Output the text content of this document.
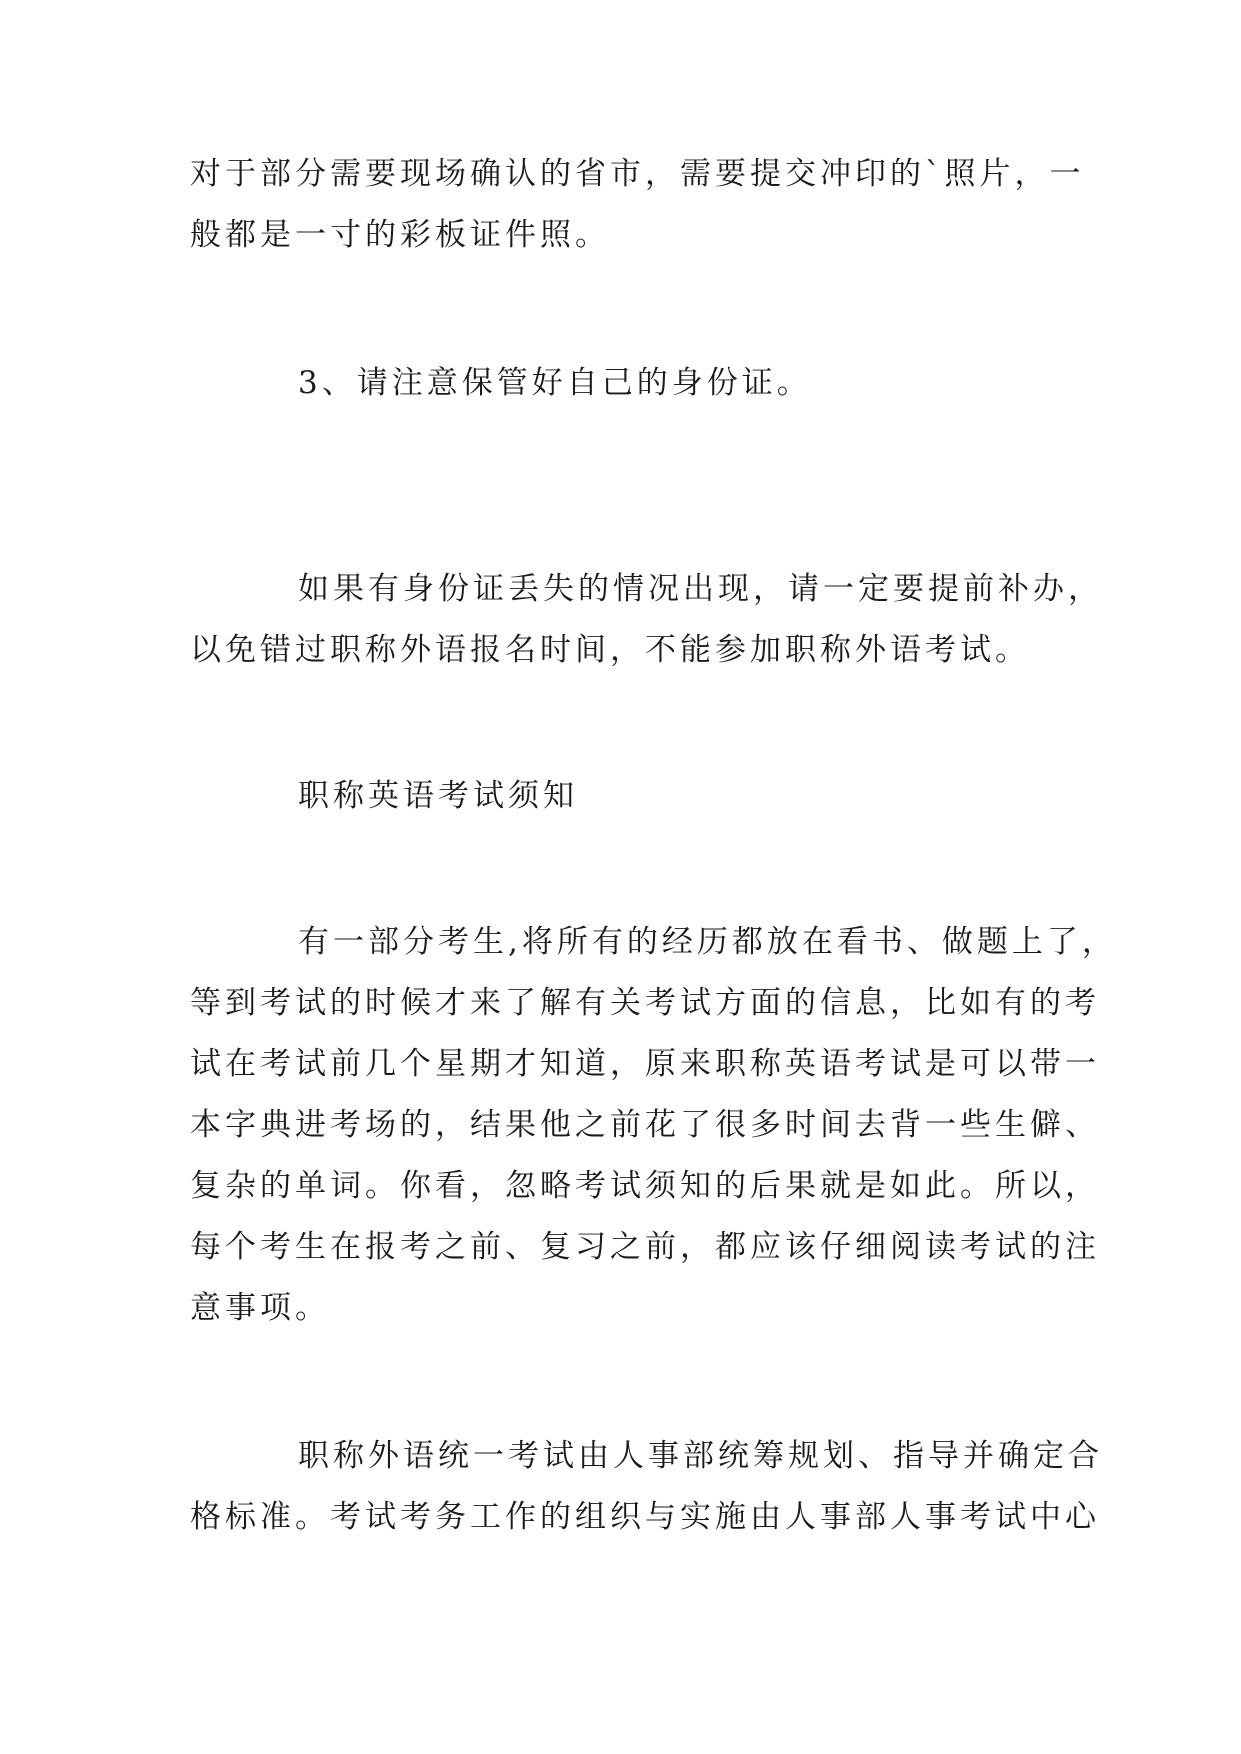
对于部分需要现场确认的省市，需要提交冲印的`照片，一
般都是一寸的彩板证件照。

3、请注意保管好自己的身份证。

如果有身份证丢失的情况出现，请一定要提前补办，
以免错过职称外语报名时间，不能参加职称外语考试。

职称英语考试须知

有一部分考生,将所有的经历都放在看书、做题上了，
等到考试的时候才来了解有关考试方面的信息，比如有的考
试在考试前几个星期才知道，原来职称英语考试是可以带一
本字典进考场的，结果他之前花了很多时间去背一些生僻、
复杂的单词。你看，忽略考试须知的后果就是如此。所以，
每个考生在报考之前、复习之前，都应该仔细阅读考试的注
意事项。

职称外语统一考试由人事部统筹规划、指导并确定合
格标准。考试考务工作的组织与实施由人事部人事考试中心
